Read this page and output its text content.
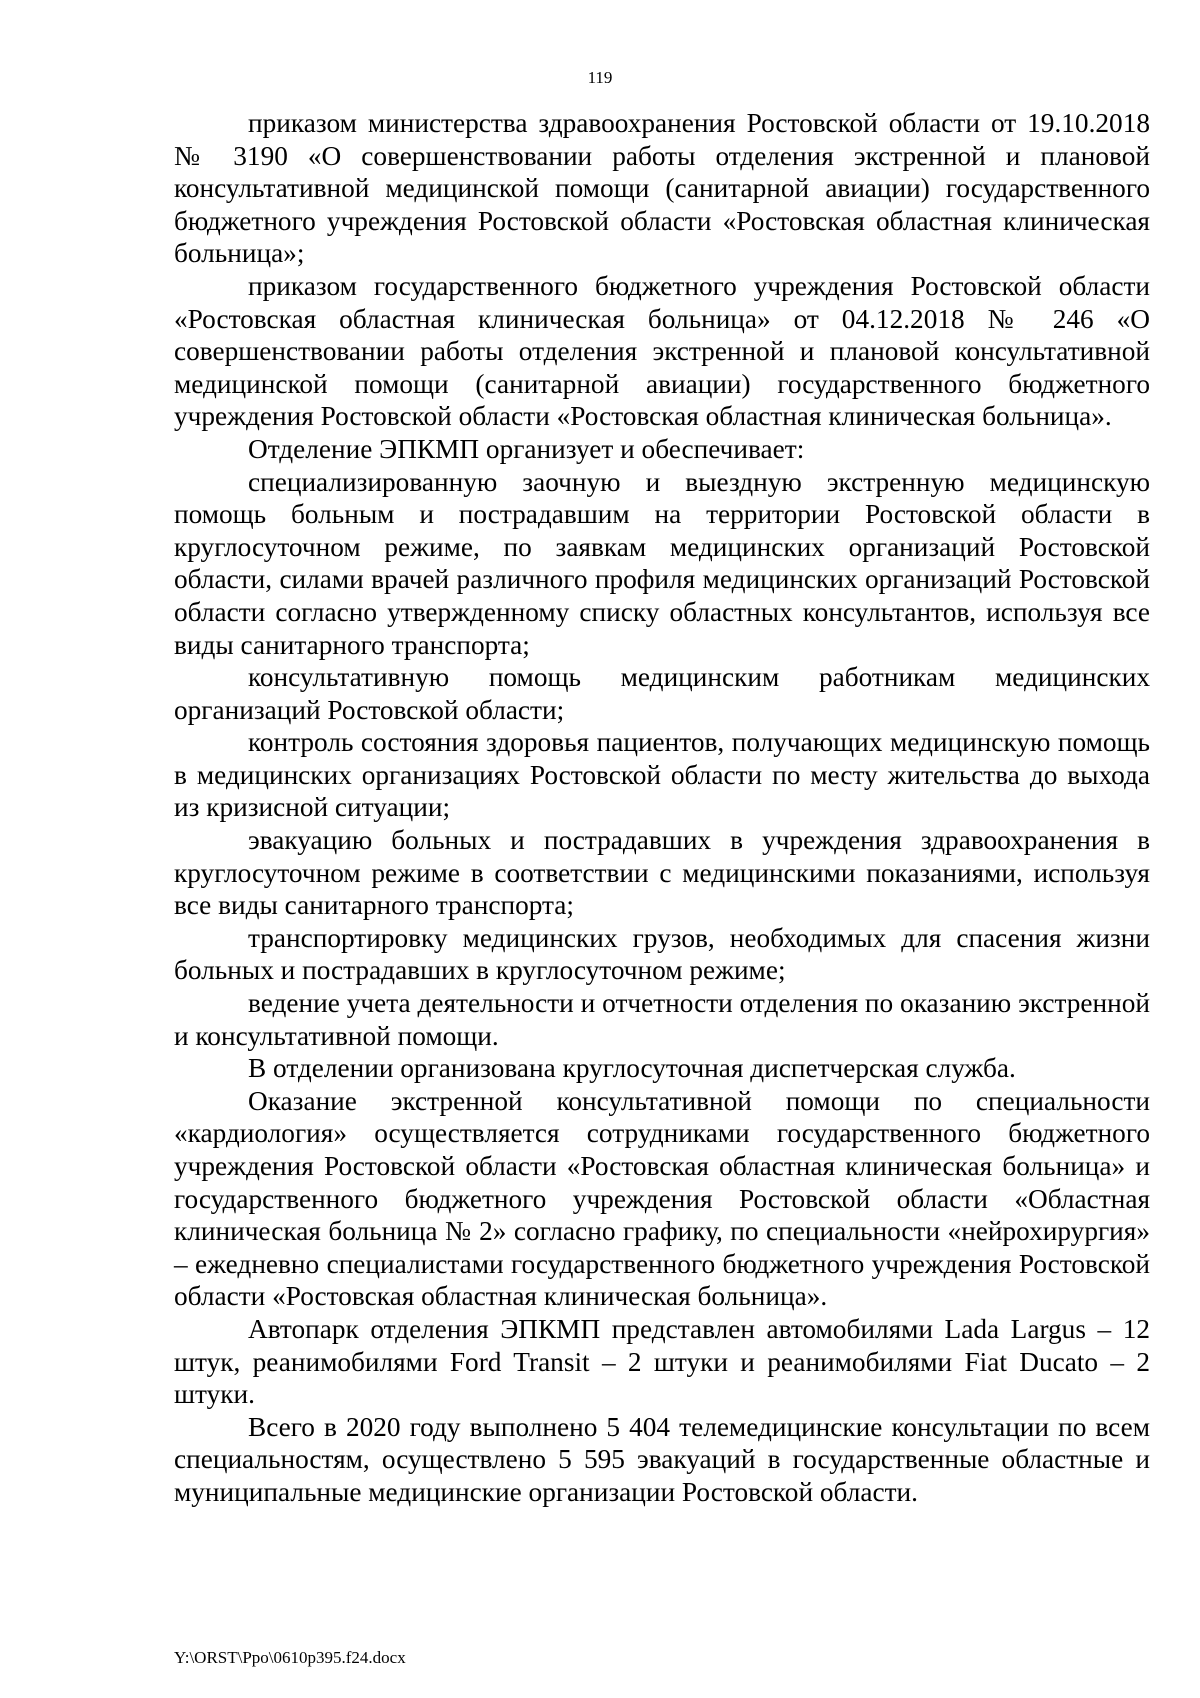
119

приказом министерства здравоохранения Ростовской области от 19.10.2018 № 3190 «О совершенствовании работы отделения экстренной и плановой консультативной медицинской помощи (санитарной авиации) государственного бюджетного учреждения Ростовской области «Ростовская областная клиническая больница»;

приказом государственного бюджетного учреждения Ростовской области «Ростовская областная клиническая больница» от 04.12.2018 № 246 «О совершенствовании работы отделения экстренной и плановой консультативной медицинской помощи (санитарной авиации) государственного бюджетного учреждения Ростовской области «Ростовская областная клиническая больница».

Отделение ЭПКМП организует и обеспечивает:

специализированную заочную и выездную экстренную медицинскую помощь больным и пострадавшим на территории Ростовской области в круглосуточном режиме, по заявкам медицинских организаций Ростовской области, силами врачей различного профиля медицинских организаций Ростовской области согласно утвержденному списку областных консультантов, используя все виды санитарного транспорта;

консультативную помощь медицинским работникам медицинских организаций Ростовской области;

контроль состояния здоровья пациентов, получающих медицинскую помощь в медицинских организациях Ростовской области по месту жительства до выхода из кризисной ситуации;

эвакуацию больных и пострадавших в учреждения здравоохранения в круглосуточном режиме в соответствии с медицинскими показаниями, используя все виды санитарного транспорта;

транспортировку медицинских грузов, необходимых для спасения жизни больных и пострадавших в круглосуточном режиме;

ведение учета деятельности и отчетности отделения по оказанию экстренной и консультативной помощи.

В отделении организована круглосуточная диспетчерская служба.

Оказание экстренной консультативной помощи по специальности «кардиология» осуществляется сотрудниками государственного бюджетного учреждения Ростовской области «Ростовская областная клиническая больница» и государственного бюджетного учреждения Ростовской области «Областная клиническая больница № 2» согласно графику, по специальности «нейрохирургия» – ежедневно специалистами государственного бюджетного учреждения Ростовской области «Ростовская областная клиническая больница».

Автопарк отделения ЭПКМП представлен автомобилями Lada Largus – 12 штук, реанимобилями Ford Transit – 2 штуки и реанимобилями Fiat Ducato – 2 штуки.

Всего в 2020 году выполнено 5 404 телемедицинские консультации по всем специальностям, осуществлено 5 595 эвакуаций в государственные областные и муниципальные медицинские организации Ростовской области.

Y:\ORST\Ppo\0610p395.f24.docx
